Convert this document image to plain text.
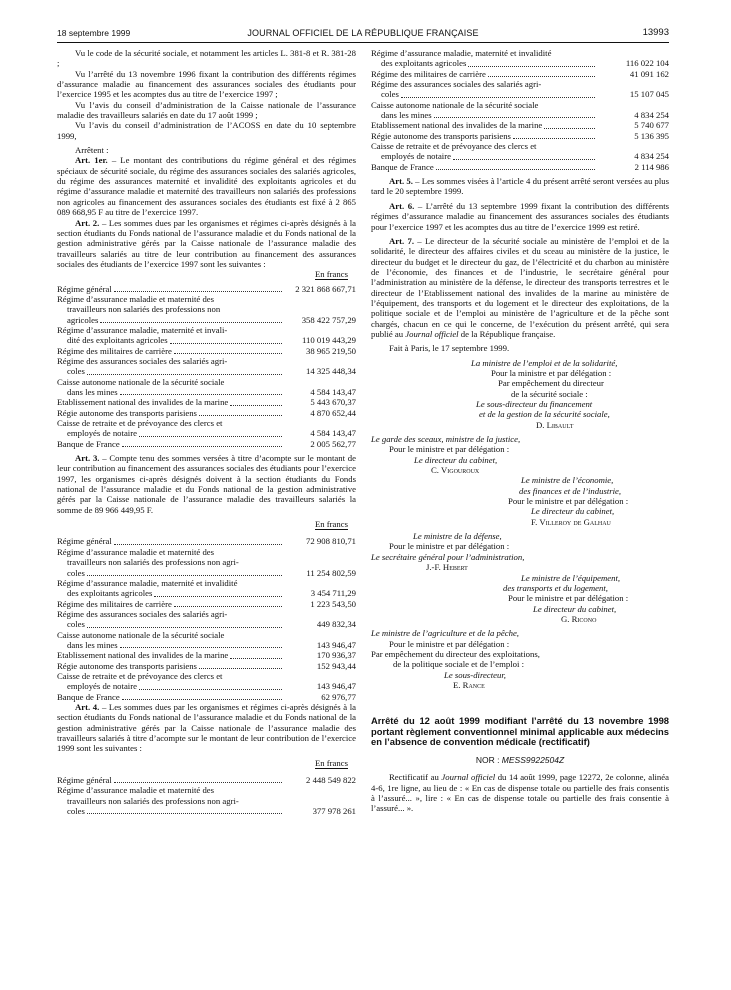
18 septembre 1999	JOURNAL OFFICIEL DE LA RÉPUBLIQUE FRANÇAISE	13993

Vu le code de la sécurité sociale, et notamment les articles L. 381-8 et R. 381-28 ;

Vu l’arrêté du 13 novembre 1996 fixant la contribution des différents régimes d’assurance maladie au financement des assurances sociales des étudiants pour l’exercice 1995 et les acomptes dus au titre de l’exercice 1997 ;

Vu l’avis du conseil d’administration de la Caisse nationale de l’assurance maladie des travailleurs salariés en date du 17 août 1999 ;

Vu l’avis du conseil d’administration de l’ACOSS en date du 10 septembre 1999,

Arrêtent :

Art. 1er. – Le montant des contributions du régime général et des régimes spéciaux de sécurité sociale, du régime des assurances sociales des salariés agricoles, du régime des assurances maternité et invalidité des exploitants agricoles et du régime d’assurance maladie et maternité des travailleurs non salariés des professions non agricoles au financement des assurances sociales des étudiants est fixé à 2 865 089 668,95 F au titre de l’exercice 1997.

Art. 2. – Les sommes dues par les organismes et régimes ci-après désignés à la section étudiants du Fonds national de l’assurance maladie et du Fonds national de la gestion administrative gérés par la Caisse nationale de l’assurance maladie des travailleurs salariés au titre de leur contribution au financement des assurances sociales des étudiants de l’exercice 1997 sont les suivantes :

En francs
Régime général	2 321 868 667,71

Régime d’assurance maladie et maternité des	

travailleurs non salariés des professions non	

agricoles	358 422 757,29

Régime d’assurance maladie, maternité et invali-	

dité des exploitants agricoles	110 019 443,29

Régime des militaires de carrière	38 965 219,50

Régime des assurances sociales des salariés agri-	

coles	14 325 448,34

Caisse autonome nationale de la sécurité sociale	

dans les mines	4 584 143,47

Etablissement national des invalides de la marine	5 443 670,37

Régie autonome des transports parisiens	4 870 652,44

Caisse de retraite et de prévoyance des clercs et	

employés de notaire	4 584 143,47

Banque de France	2 005 562,77

Art. 3. – Compte tenu des sommes versées à titre d’acompte sur le montant de leur contribution au financement des assurances sociales des étudiants pour l’exercice 1997, les organismes ci-après désignés doivent à la section étudiants du Fonds national de l’assurance maladie et du Fonds national de la gestion administrative gérés par la Caisse nationale de l’assurance maladie des travailleurs salariés la somme de 89 966 449,95 F.

En francs
Régime général	72 908 810,71

Régime d’assurance maladie et maternité des	

travailleurs non salariés des professions non agri-	

coles	11 254 802,59

Régime d’assurance maladie, maternité et invalidité	

des exploitants agricoles	3 454 711,29

Régime des militaires de carrière	1 223 543,50

Régime des assurances sociales des salariés agri-	

coles	449 832,34

Caisse autonome nationale de la sécurité sociale	

dans les mines	143 946,47

Etablissement national des invalides de la marine	170 936,37

Régie autonome des transports parisiens	152 943,44

Caisse de retraite et de prévoyance des clercs et	

employés de notaire	143 946,47

Banque de France	62 976,77

Art. 4. – Les sommes dues par les organismes et régimes ci-après désignés à la section étudiants du Fonds national de l’assurance maladie et du Fonds national de la gestion administrative gérés par la Caisse nationale de l’assurance maladie des travailleurs salariés à titre d’acompte sur le montant de leur contribution de l’exercice 1999 sont les suivantes :

En francs
Régime général	2 448 549 822

Régime d’assurance maladie et maternité des	

travailleurs non salariés des professions non agri-	

coles	377 978 261
Régime d’assurance maladie, maternité et invalidité	

des exploitants agricoles	116 022 104

Régime des militaires de carrière	41 091 162

Régime des assurances sociales des salariés agri-	

coles	15 107 045

Caisse autonome nationale de la sécurité sociale	

dans les mines	4 834 254

Etablissement national des invalides de la marine	5 740 677

Régie autonome des transports parisiens	5 136 395

Caisse de retraite et de prévoyance des clercs et	

employés de notaire	4 834 254

Banque de France	2 114 986

Art. 5. – Les sommes visées à l’article 4 du présent arrêté seront versées au plus tard le 20 septembre 1999.

Art. 6. – L’arrêté du 13 septembre 1999 fixant la contribution des différents régimes d’assurance maladie au financement des assurances sociales des étudiants pour l’exercice 1997 et les acomptes dus au titre de l’exercice 1999 est retiré.

Art. 7. – Le directeur de la sécurité sociale au ministère de l’emploi et de la solidarité, le directeur des affaires civiles et du sceau au ministère de la justice, le directeur du budget et le directeur du gaz, de l’électricité et du charbon au ministère de l’économie, des finances et de l’industrie, le secrétaire général pour l’administration au ministère de la défense, le directeur des transports terrestres et le directeur de l’Etablissement national des invalides de la marine au ministère de l’équipement, des transports et du logement et le directeur des exploitations, de la politique sociale et de l’emploi au ministère de l’agriculture et de la pêche sont chargés, chacun en ce qui le concerne, de l’exécution du présent arrêté, qui sera publié au Journal officiel de la République française.

Fait à Paris, le 17 septembre 1999.

La ministre de l’emploi et de la solidarité,

Pour la ministre et par délégation :

Par empêchement du directeur

de la sécurité sociale :

Le sous-directeur du financement

et de la gestion de la sécurité sociale,

D. Libault

Le garde des sceaux, ministre de la justice,

Pour le ministre et par délégation :

Le directeur du cabinet,

C. Vigouroux

Le ministre de l’économie,

des finances et de l’industrie,

Pour le ministre et par délégation :

Le directeur du cabinet,

F. Villeroy de Galhau

Le ministre de la défense,

Pour le ministre et par délégation :

Le secrétaire général pour l’administration,

J.-F. Hebert

Le ministre de l’équipement,

des transports et du logement,

Pour le ministre et par délégation :

Le directeur du cabinet,

G. Ricono

Le ministre de l’agriculture et de la pêche,

Pour le ministre et par délégation :

Par empêchement du directeur des exploitations,

de la politique sociale et de l’emploi :

Le sous-directeur,

E. Rance

Arrêté du 12 août 1999 modifiant l’arrêté du 13 novembre 1998 portant règlement conventionnel minimal applicable aux médecins en l’absence de convention médicale (rectificatif)

NOR : MESS9922504Z

Rectificatif au Journal officiel du 14 août 1999, page 12272, 2e colonne, alinéa 4-6, 1re ligne, au lieu de : « En cas de dispense totale ou partielle des frais consentis à l’assuré... », lire : « En cas de dispense totale ou partielle des frais consentie à l’assuré... ».
